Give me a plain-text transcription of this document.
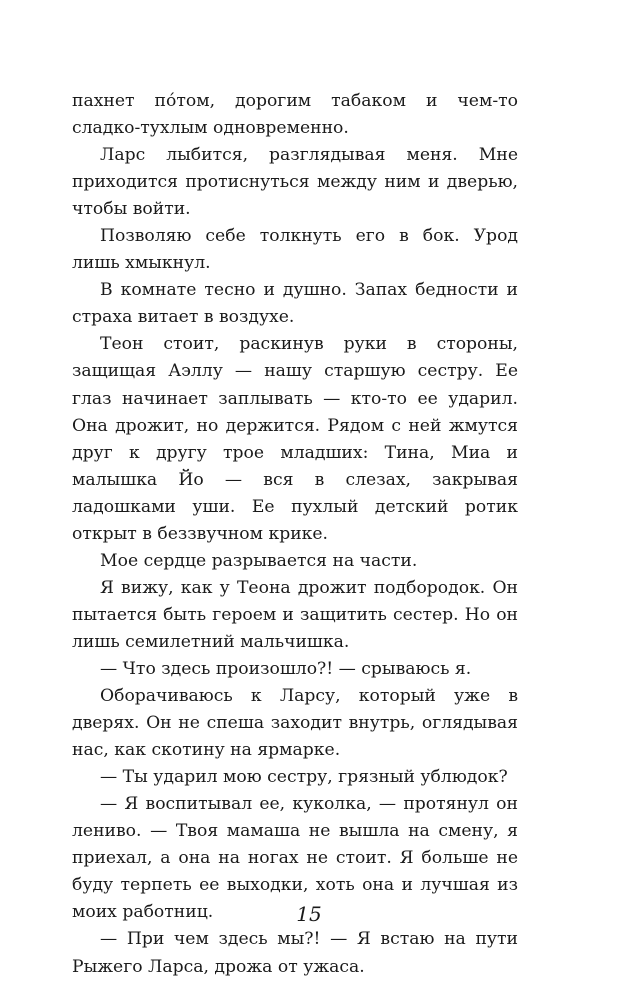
пахнет по́том, дорогим табаком и чем-то сладко-тухлым одновременно.

Ларс лыбится, разглядывая меня. Мне приходится протиснуться между ним и дверью, чтобы войти.

Позволяю себе толкнуть его в бок. Урод лишь хмыкнул.

В комнате тесно и душно. Запах бедности и страха витает в воздухе.

Теон стоит, раскинув руки в стороны, защищая Аэллу — нашу старшую сестру. Ее глаз начинает заплывать — кто-то ее ударил. Она дрожит, но держится. Рядом с ней жмутся друг к другу трое младших: Тина, Миа и малышка Йо — вся в слезах, закрывая ладошками уши. Ее пухлый детский ротик открыт в беззвучном крике.

Мое сердце разрывается на части.

Я вижу, как у Теона дрожит подбородок. Он пытается быть героем и защитить сестер. Но он лишь семилетний мальчишка.

— Что здесь произошло?! — срываюсь я.

Оборачиваюсь к Ларсу, который уже в дверях. Он не спеша заходит внутрь, оглядывая нас, как скотину на ярмарке.

— Ты ударил мою сестру, грязный ублюдок?

— Я воспитывал ее, куколка, — протянул он лениво. — Твоя мамаша не вышла на смену, я приехал, а она на ногах не стоит. Я больше не буду терпеть ее выходки, хоть она и лучшая из моих работниц.

— При чем здесь мы?! — Я встаю на пути Рыжего Ларса, дрожа от ужаса.

15
